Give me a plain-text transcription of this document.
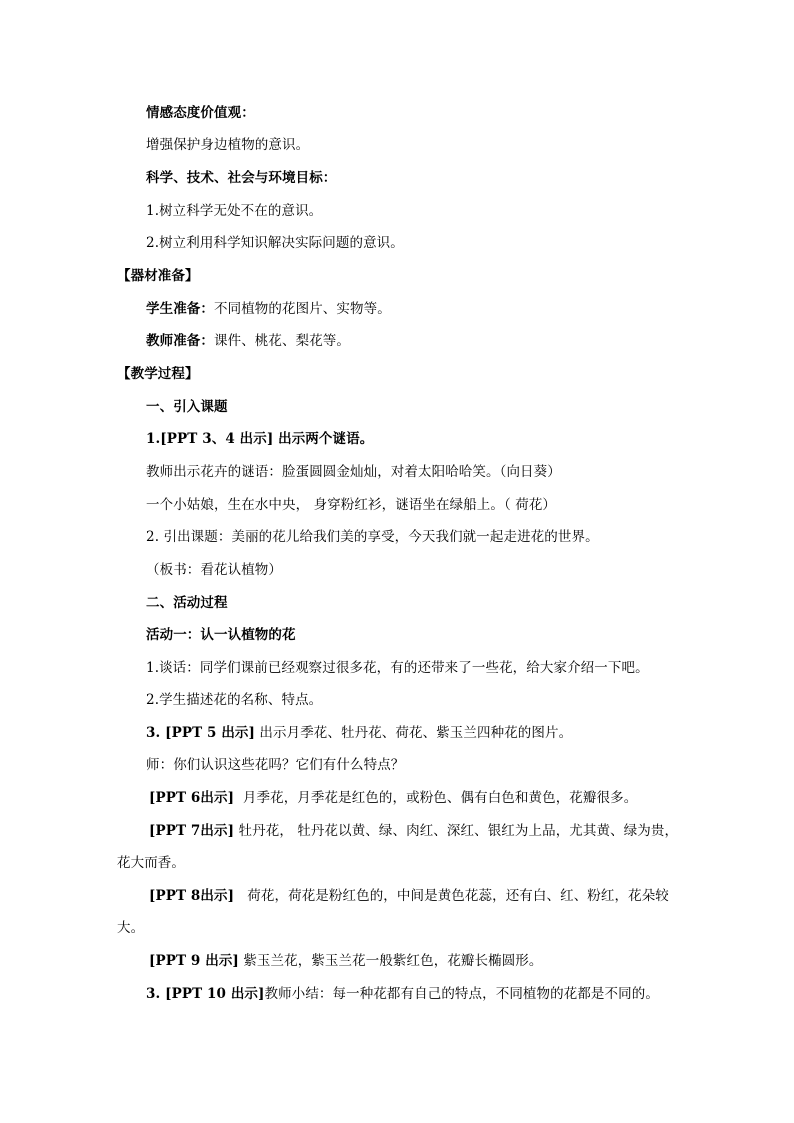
情感态度价值观：
增强保护身边植物的意识。
科学、技术、社会与环境目标：
1.树立科学无处不在的意识。
2.树立利用科学知识解决实际问题的意识。
【器材准备】
学生准备：不同植物的花图片、实物等。
教师准备：课件、桃花、梨花等。
【教学过程】
一、引入课题
1.[PPT 3、4 出示] 出示两个谜语。
教师出示花卉的谜语：脸蛋圆圆金灿灿，对着太阳哈哈笑。（向日葵）
一个小姑娘，生在水中央， 身穿粉红衫，谜语坐在绿船上。（ 荷花）
2. 引出课题：美丽的花儿给我们美的享受，今天我们就一起走进花的世界。
（板书：看花认植物）
二、活动过程
活动一：认一认植物的花
1.谈话：同学们课前已经观察过很多花，有的还带来了一些花，给大家介绍一下吧。
2.学生描述花的名称、特点。
3. [PPT 5 出示] 出示月季花、牡丹花、荷花、紫玉兰四种花的图片。
师：你们认识这些花吗？它们有什么特点？
[PPT 6出示]  月季花，月季花是红色的，或粉色、偶有白色和黄色，花瓣很多。
[PPT 7出示] 牡丹花， 牡丹花以黄、绿、肉红、深红、银红为上品，尤其黄、绿为贵，
花大而香。
[PPT 8出示]   荷花，荷花是粉红色的，中间是黄色花蕊，还有白、红、粉红，花朵较
大。
[PPT 9 出示] 紫玉兰花，紫玉兰花一般紫红色，花瓣长椭圆形。
3. [PPT 10 出示]教师小结：每一种花都有自己的特点，不同植物的花都是不同的。
